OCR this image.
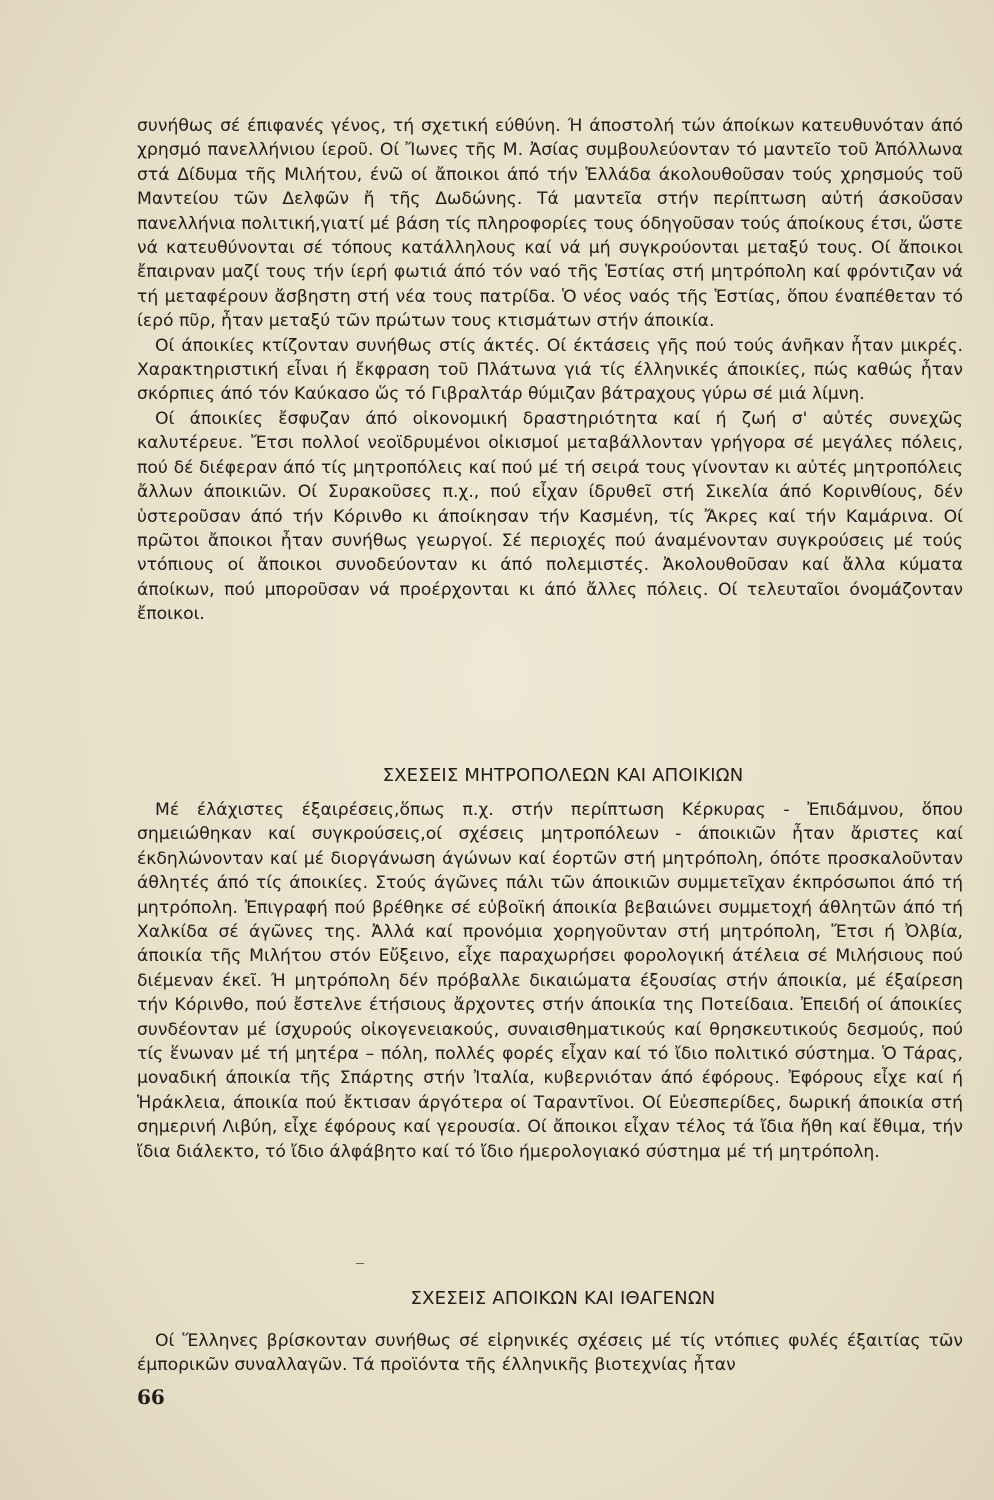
συνήθως σέ έπιφανές γένος, τή σχετική εύθύνη. Ή άποστολή τών άποίκων κατευθυνόταν άπό χρησμό πανελλήνιου ίεροῦ. Οί Ἴωνες τῆς Μ. Ἀσίας συμβουλεύονταν τό μαντεῖο τοῦ Ἀπόλλωνα στά Δίδυμα τῆς Μιλήτου, ένῶ οί ἄποικοι άπό τήν Ἑλλάδα άκολουθοῦσαν τούς χρησμούς τοῦ Μαντείου τῶν Δελφῶν ἤ τῆς Δωδώνης. Τά μαντεῖα στήν περίπτωση αὐτή άσκοῦσαν πανελλήνια πολιτική,γιατί μέ βάση τίς πληροφορίες τους όδηγοῦσαν τούς άποίκους έτσι, ὥστε νά κατευθύνονται σέ τόπους κατάλληλους καί νά μή συγκρούονται μεταξύ τους. Οί ἄποικοι ἔπαιρναν μαζί τους τήν ίερή φωτιά άπό τόν ναό τῆς Ἑστίας στή μητρόπολη καί φρόντιζαν νά τή μεταφέρουν ἄσβηστη στή νέα τους πατρίδα. Ὁ νέος ναός τῆς Ἑστίας, ὅπου έναπέθεταν τό ίερό πῦρ, ἦταν μεταξύ τῶν πρώτων τους κτισμάτων στήν άποικία.

Οί άποικίες κτίζονταν συνήθως στίς άκτές. Οί έκτάσεις γῆς πού τούς άνῆκαν ἦταν μικρές. Χαρακτηριστική εἶναι ή ἔκφραση τοῦ Πλάτωνα γιά τίς έλληνικές άποικίες, πώς καθώς ἦταν σκόρπιες άπό τόν Καύκασο ὥς τό Γιβραλτάρ θύμιζαν βάτραχους γύρω σέ μιά λίμνη.

Οί άποικίες ἔσφυζαν άπό οἰκονομική δραστηριότητα καί ή ζωή σ' αὐτές συνεχῶς καλυτέρευε. Ἔτσι πολλοί νεοϊδρυμένοι οἰκισμοί μεταβάλλονταν γρήγορα σέ μεγάλες πόλεις, πού δέ διέφεραν άπό τίς μητροπόλεις καί πού μέ τή σειρά τους γίνονταν κι αὐτές μητροπόλεις ἄλλων άποικιῶν. Οί Συρακοῦσες π.χ., πού εἶχαν ίδρυθεῖ στή Σικελία άπό Κορινθίους, δέν ὑστεροῦσαν άπό τήν Κόρινθο κι άποίκησαν τήν Κασμένη, τίς Ἄκρες καί τήν Καμάρινα. Οί πρῶτοι ἄποικοι ἦταν συνήθως γεωργοί. Σέ περιοχές πού άναμένονταν συγκρούσεις μέ τούς ντόπιους οί ἄποικοι συνοδεύονταν κι άπό πολεμιστές. Ἀκολουθοῦσαν καί ἄλλα κύματα άποίκων, πού μποροῦσαν νά προέρχονται κι άπό ἄλλες πόλεις. Οί τελευταῖοι όνομάζονταν ἔποικοι.

ΣΧΕΣΕΙΣ ΜΗΤΡΟΠΟΛΕΩΝ ΚΑΙ ΑΠΟΙΚΙΩΝ

Μέ έλάχιστες έξαιρέσεις,ὅπως π.χ. στήν περίπτωση Κέρκυρας - Ἐπιδάμνου, ὅπου σημειώθηκαν καί συγκρούσεις,οί σχέσεις μητροπόλεων - άποικιῶν ἦταν ἄριστες καί έκδηλώνονταν καί μέ διοργάνωση άγώνων καί έορτῶν στή μητρόπολη, όπότε προσκαλοῦνταν άθλητές άπό τίς άποικίες. Στούς άγῶνες πάλι τῶν άποικιῶν συμμετεῖχαν έκπρόσωποι άπό τή μητρόπολη. Ἐπιγραφή πού βρέθηκε σέ εὐβοϊκή άποικία βεβαιώνει συμμετοχή άθλητῶν άπό τή Χαλκίδα σέ άγῶνες της. Ἀλλά καί προνόμια χορηγοῦνταν στή μητρόπολη, Ἔτσι ή Ὀλβία, άποικία τῆς Μιλήτου στόν Εὔξεινο, εἶχε παραχωρήσει φορολογική άτέλεια σέ Μιλήσιους πού διέμεναν έκεῖ. Ή μητρόπολη δέν πρόβαλλε δικαιώματα έξουσίας στήν άποικία, μέ έξαίρεση τήν Κόρινθο, πού ἔστελνε έτήσιους ἄρχοντες στήν άποικία της Ποτείδαια. Ἐπειδή οί άποικίες συνδέονταν μέ ίσχυρούς οἰκογενειακούς, συναισθηματικούς καί θρησκευτικούς δεσμούς, πού τίς ἕνωναν μέ τή μητέρα – πόλη, πολλές φορές εἶχαν καί τό ἴδιο πολιτικό σύστημα. Ὁ Τάρας, μοναδική άποικία τῆς Σπάρτης στήν Ἰταλία, κυβερνιόταν άπό έφόρους. Ἐφόρους εἶχε καί ή Ἡράκλεια, άποικία πού ἔκτισαν άργότερα οί Ταραντῖνοι. Οί Εὐεσπερίδες, δωρική άποικία στή σημερινή Λιβύη, εἶχε έφόρους καί γερουσία. Οί ἄποικοι εἶχαν τέλος τά ἴδια ἤθη καί ἔθιμα, τήν ἴδια διάλεκτο, τό ἴδιο άλφάβητο καί τό ἴδιο ήμερολογιακό σύστημα μέ τή μητρόπολη.

ΣΧΕΣΕΙΣ ΑΠΟΙΚΩΝ ΚΑΙ ΙΘΑΓΕΝΩΝ

Οί Ἕλληνες βρίσκονταν συνήθως σέ εἰρηνικές σχέσεις μέ τίς ντόπιες φυλές έξαιτίας τῶν έμπορικῶν συναλλαγῶν. Τά προϊόντα τῆς έλληνικῆς βιοτεχνίας ἦταν

66
